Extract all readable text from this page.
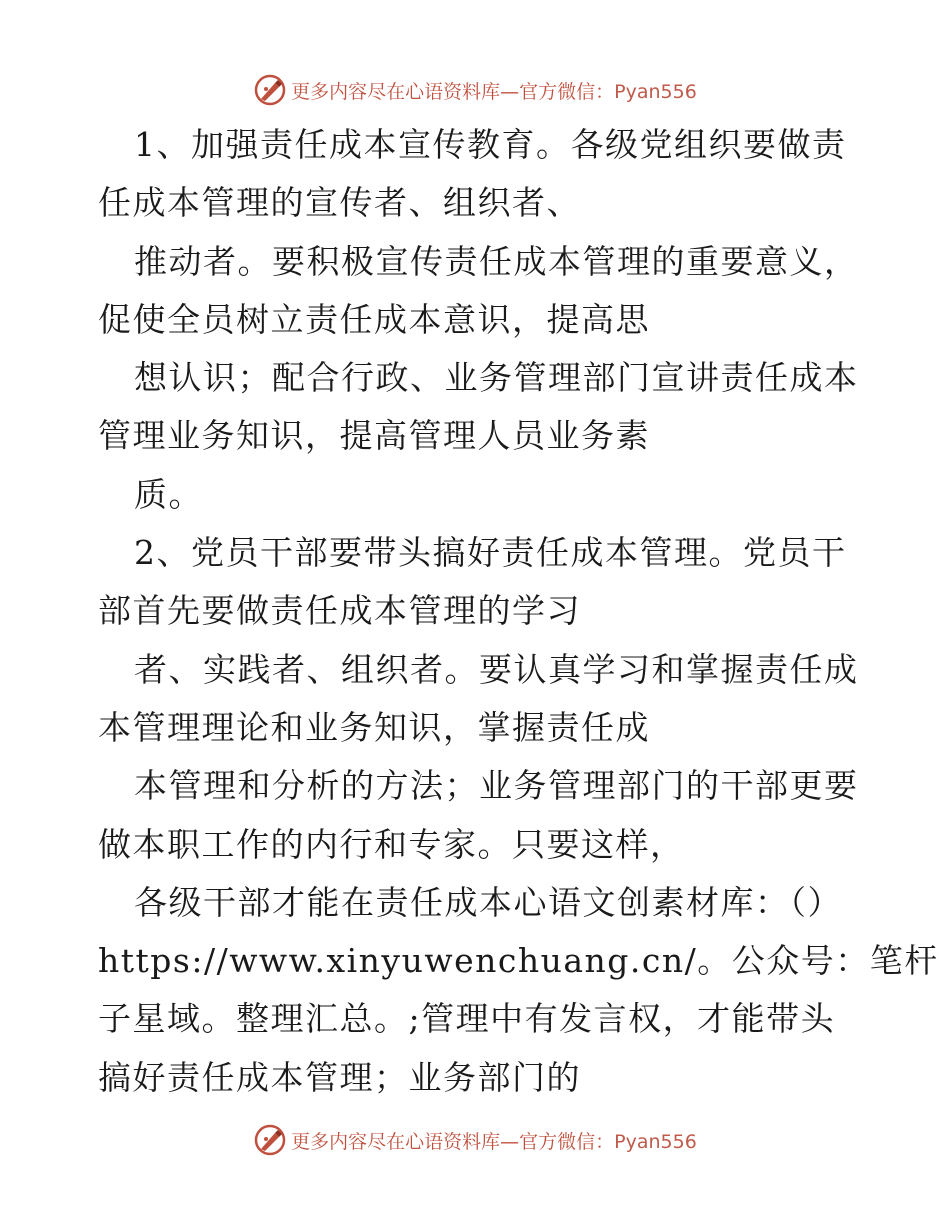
更多内容尽在心语资料库—官方微信：Pyan556
1、加强责任成本宣传教育。各级党组织要做责
任成本管理的宣传者、组织者、
推动者。要积极宣传责任成本管理的重要意义，
促使全员树立责任成本意识，提高思
想认识；配合行政、业务管理部门宣讲责任成本
管理业务知识，提高管理人员业务素
质。
2、党员干部要带头搞好责任成本管理。党员干
部首先要做责任成本管理的学习
者、实践者、组织者。要认真学习和掌握责任成
本管理理论和业务知识，掌握责任成
本管理和分析的方法；业务管理部门的干部更要
做本职工作的内行和专家。只要这样，
各级干部才能在责任成本心语文创素材库：（）
https://www.xinyuwenchuang.cn/。公众号：笔杆
子星域。整理汇总。;管理中有发言权，才能带头
搞好责任成本管理；业务部门的
更多内容尽在心语资料库—官方微信：Pyan556
